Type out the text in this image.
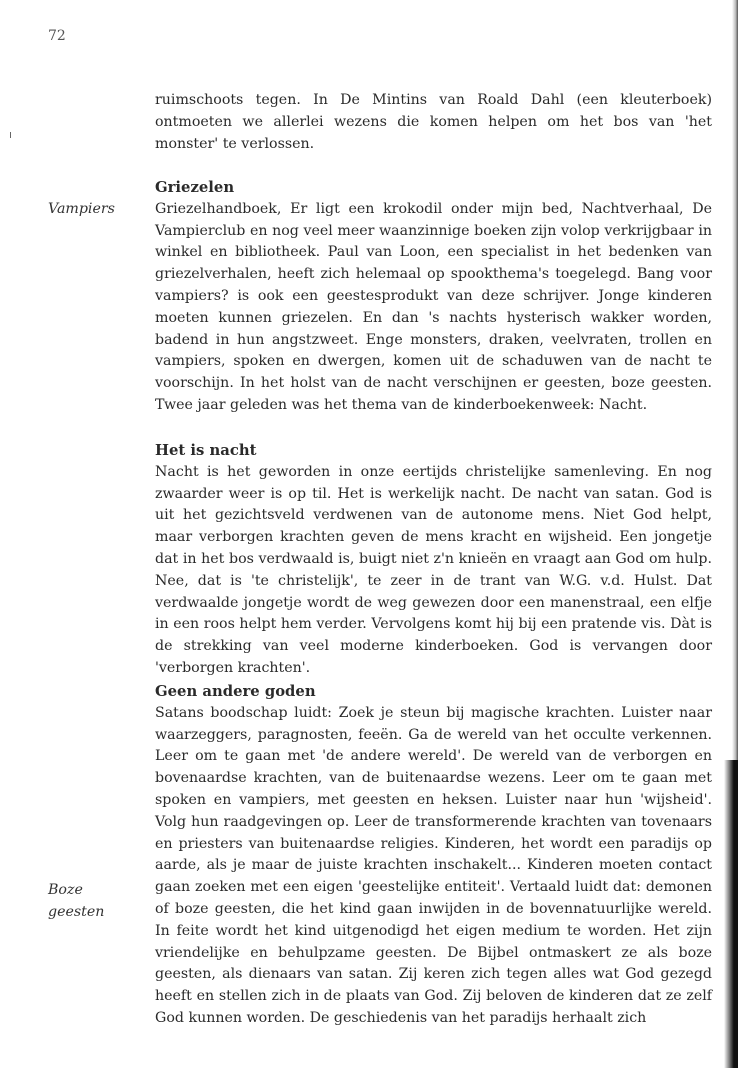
72

ruimschoots tegen. In De Mintins van Roald Dahl (een kleuterboek) ontmoeten we allerlei wezens die komen helpen om het bos van 'het monster' te verlossen.

Vampiers
Griezelen

Griezelhandboek, Er ligt een krokodil onder mijn bed, Nachtverhaal, De Vampierclub en nog veel meer waanzinnige boeken zijn volop verkrijgbaar in winkel en bibliotheek. Paul van Loon, een specialist in het bedenken van griezelverhalen, heeft zich helemaal op spookthema's toegelegd. Bang voor vampiers? is ook een geestesprodukt van deze schrijver. Jonge kinderen moeten kunnen griezelen. En dan 's nachts hysterisch wakker worden, badend in hun angstzweet. Enge monsters, draken, veelvraten, trollen en vampiers, spoken en dwergen, komen uit de schaduwen van de nacht te voorschijn. In het holst van de nacht verschijnen er geesten, boze geesten. Twee jaar geleden was het thema van de kinderboekenweek: Nacht.

Het is nacht

Nacht is het geworden in onze eertijds christelijke samenleving. En nog zwaarder weer is op til. Het is werkelijk nacht. De nacht van satan. God is uit het gezichtsveld verdwenen van de autonome mens. Niet God helpt, maar verborgen krachten geven de mens kracht en wijsheid. Een jongetje dat in het bos verdwaald is, buigt niet z'n knieën en vraagt aan God om hulp. Nee, dat is 'te christelijk', te zeer in de trant van W.G. v.d. Hulst. Dat verdwaalde jongetje wordt de weg gewezen door een manenstraal, een elfje in een roos helpt hem verder. Vervolgens komt hij bij een pratende vis. Dàt is de strekking van veel moderne kinderboeken. God is vervangen door 'verborgen krachten'.

Boze
geesten
Geen andere goden

Satans boodschap luidt: Zoek je steun bij magische krachten. Luister naar waarzeggers, paragnosten, feeën. Ga de wereld van het occulte verkennen. Leer om te gaan met 'de andere wereld'. De wereld van de verborgen en bovenaardse krachten, van de buitenaardse wezens. Leer om te gaan met spoken en vampiers, met geesten en heksen. Luister naar hun 'wijsheid'. Volg hun raadgevingen op. Leer de transformerende krachten van tovenaars en priesters van buitenaardse religies. Kinderen, het wordt een paradijs op aarde, als je maar de juiste krachten inschakelt... Kinderen moeten contact gaan zoeken met een eigen 'geestelijke entiteit'. Vertaald luidt dat: demonen of boze geesten, die het kind gaan inwijden in de bovennatuurlijke wereld. In feite wordt het kind uitgenodigd het eigen medium te worden. Het zijn vriendelijke en behulpzame geesten. De Bijbel ontmaskert ze als boze geesten, als dienaars van satan. Zij keren zich tegen alles wat God gezegd heeft en stellen zich in de plaats van God. Zij beloven de kinderen dat ze zelf God kunnen worden. De geschiedenis van het paradijs herhaalt zich
